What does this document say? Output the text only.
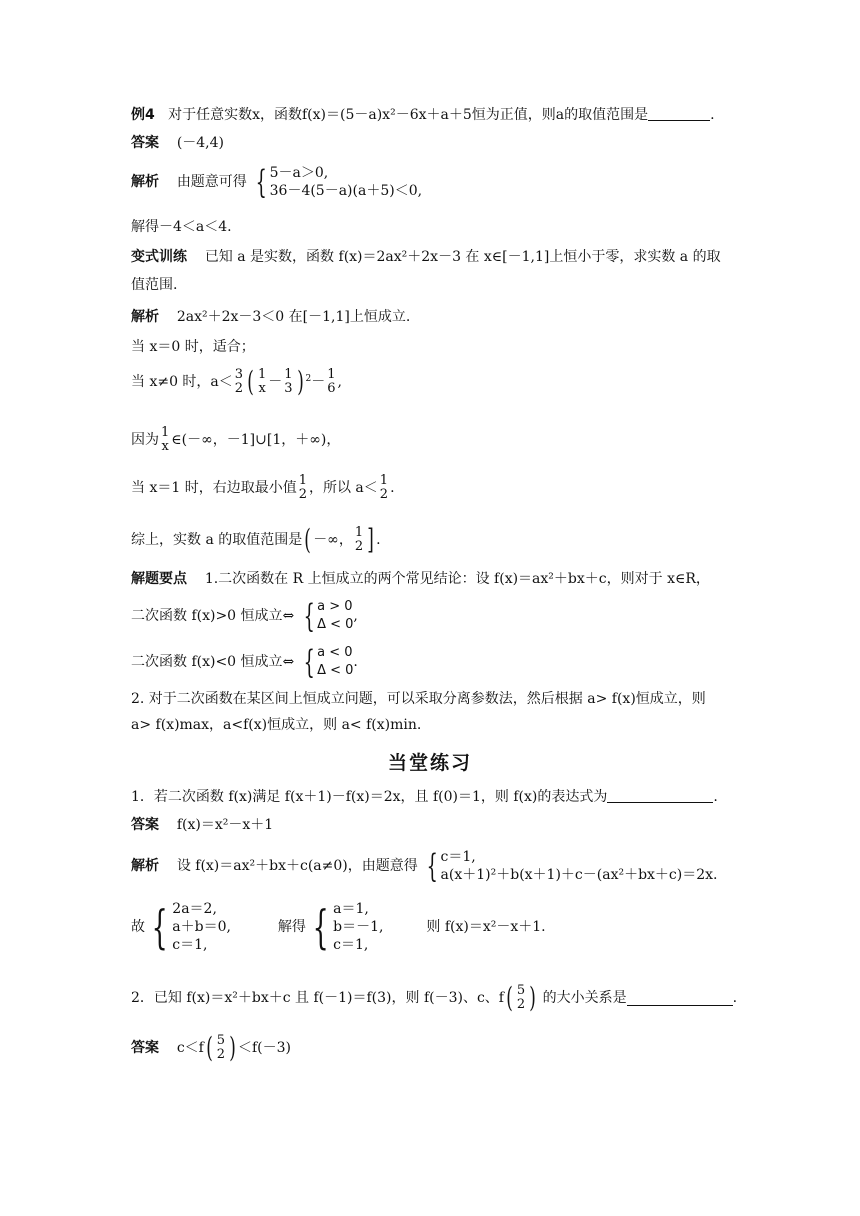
例4 对于任意实数x，函数f(x)＝(5－a)x²－6x＋a＋5恒为正值，则a的取值范围是	.
答案 (－4,4)
解析 由题意可得 { 5－a＞0,
36－4(5－a)(a＋5)＜0,
解得－4＜a＜4.
变式训练 已知 a 是实数，函数 f(x)＝2ax²＋2x－3 在 x∈[－1,1]上恒小于零，求实数 a 的取
值范围.
解析 2ax²＋2x－3＜0 在[－1,1]上恒成立.
当 x＝0 时，适合；
当 x≠0 时，a＜ 3
2 ( 1
x － 1
3 ) $^2$－ 1
6 ,
因为 1
x ∈(－∞，－1]∪[1，＋∞)，
当 x＝1 时，右边取最小值 1
2 ，所以 a＜ 1
2 .
综上，实数 a 的取值范围是( －∞， 1
2 ] .
解题要点 1.二次函数在 R 上恒成立的两个常见结论：设 f(x)＝ax²＋bx＋c，则对于 x∈R，
二次函数 f(x)>0 恒成立⇔ { a > 0
Δ < 0
,
二次函数 f(x)<0 恒成立⇔ { a < 0
Δ < 0
.
2. 对于二次函数在某区间上恒成立问题，可以采取分离参数法，然后根据 a> f(x)恒成立，则
a> f(x)max，a<f(x)恒成立，则 a< f(x)min.
当堂练习
1．若二次函数 f(x)满足 f(x＋1)－f(x)＝2x，且 f(0)＝1，则 f(x)的表达式为	.
答案 f(x)＝x²－x＋1
解析 设 f(x)＝ax²＋bx＋c(a≠0)，由题意得 { c＝1,
a(x＋1)²＋b(x＋1)＋c－(ax²＋bx＋c)＝2x.
故 { 2a＝2,
a＋b＝0,
c＝1,
解得 { a＝1,
b＝－1,
c＝1,
则 f(x)＝x²－x＋1.
2．已知 f(x)＝x²＋bx＋c 且 f(－1)＝f(3)，则 f(－3)、c、f( 5
2 ) 的大小关系是	.
答案 c＜f( 5
2 ) ＜f(－3)
